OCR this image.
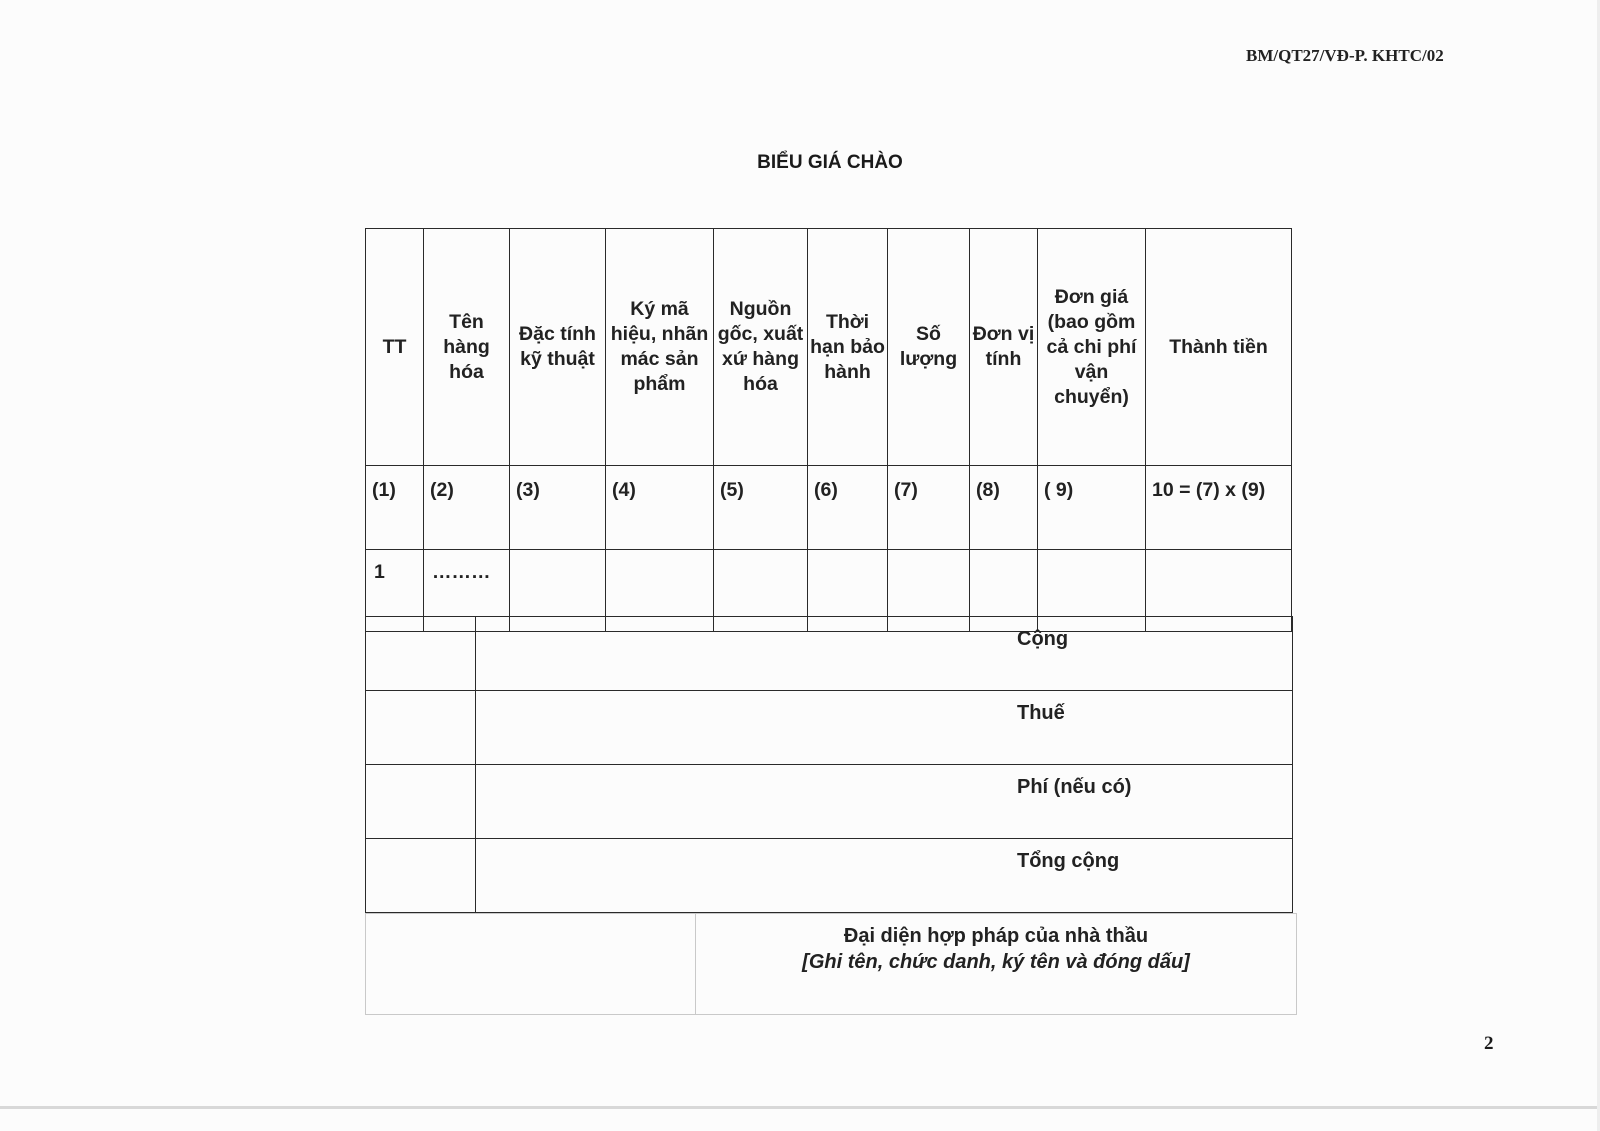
BM/QT27/VĐ-P. KHTC/02
BIỂU GIÁ CHÀO
TT	Tên hàng hóa	Đặc tính kỹ thuật	Ký mã hiệu, nhãn mác sản phẩm	Nguồn gốc, xuất xứ hàng hóa	Thời hạn bảo hành	Số lượng	Đơn vị tính	Đơn giá (bao gồm cả chi phí vận chuyển)	Thành tiền
(1)	(2)	(3)	(4)	(5)	(6)	(7)	(8)	( 9)	10 = (7) x (9)
1	………								

	Cộng

	Thuế

	Phí (nếu có)

	Tổng cộng

Đại diện hợp pháp của nhà thầu
[Ghi tên, chức danh, ký tên và đóng dấu]
2
